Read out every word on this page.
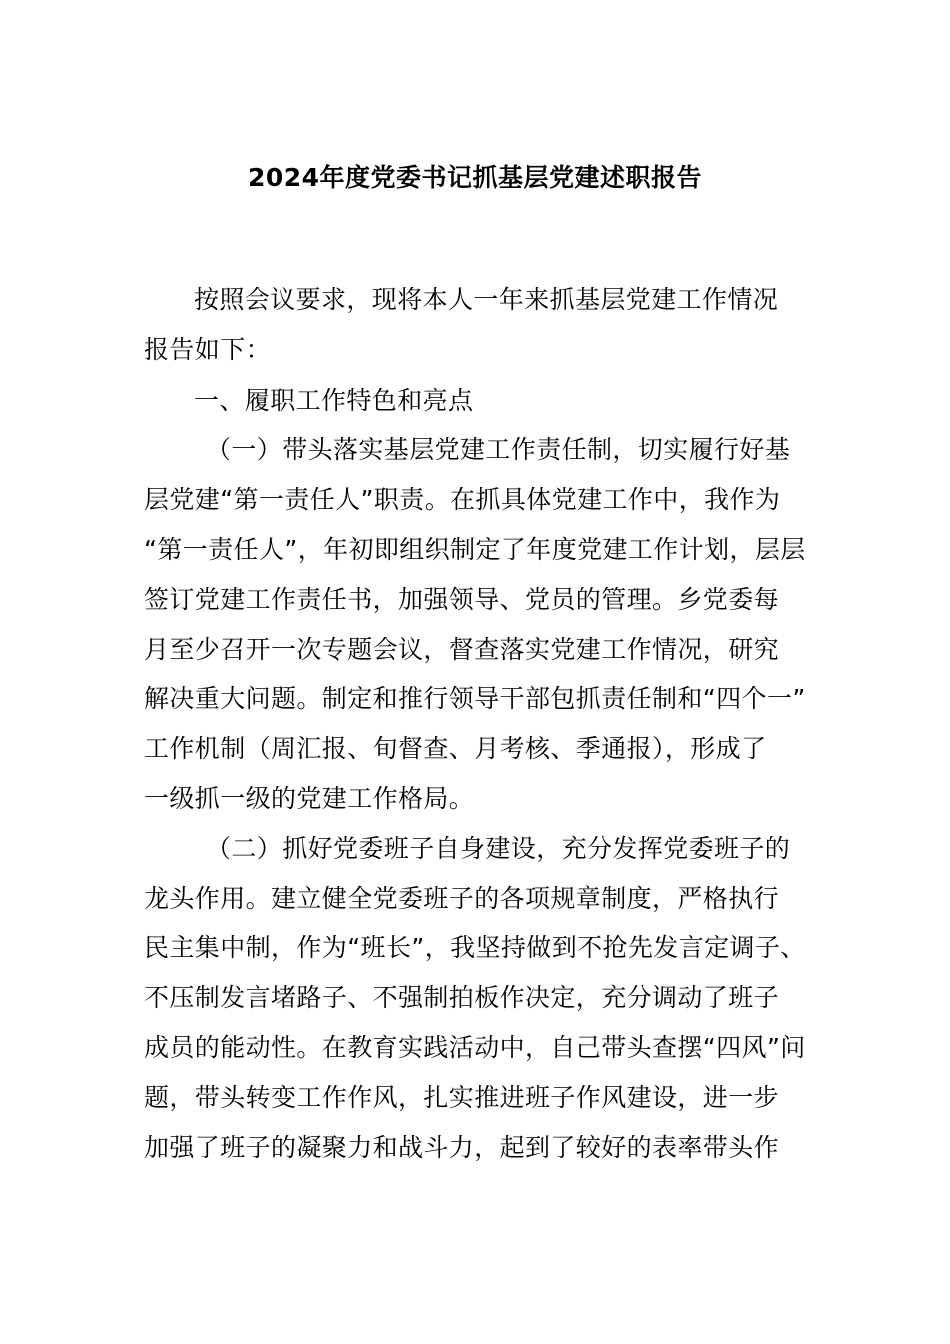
2024年度党委书记抓基层党建述职报告
按照会议要求，现将本人一年来抓基层党建工作情况
报告如下：
一、履职工作特色和亮点
（一）带头落实基层党建工作责任制，切实履行好基
层党建“第一责任人”职责。在抓具体党建工作中，我作为
“第一责任人”，年初即组织制定了年度党建工作计划，层层
签订党建工作责任书，加强领导、党员的管理。乡党委每
月至少召开一次专题会议，督查落实党建工作情况，研究
解决重大问题。制定和推行领导干部包抓责任制和“四个一”
工作机制（周汇报、旬督查、月考核、季通报），形成了
一级抓一级的党建工作格局。
（二）抓好党委班子自身建设，充分发挥党委班子的
龙头作用。建立健全党委班子的各项规章制度，严格执行
民主集中制，作为“班长”，我坚持做到不抢先发言定调子、
不压制发言堵路子、不强制拍板作决定，充分调动了班子
成员的能动性。在教育实践活动中，自己带头查摆“四风”问
题，带头转变工作作风，扎实推进班子作风建设，进一步
加强了班子的凝聚力和战斗力，起到了较好的表率带头作
